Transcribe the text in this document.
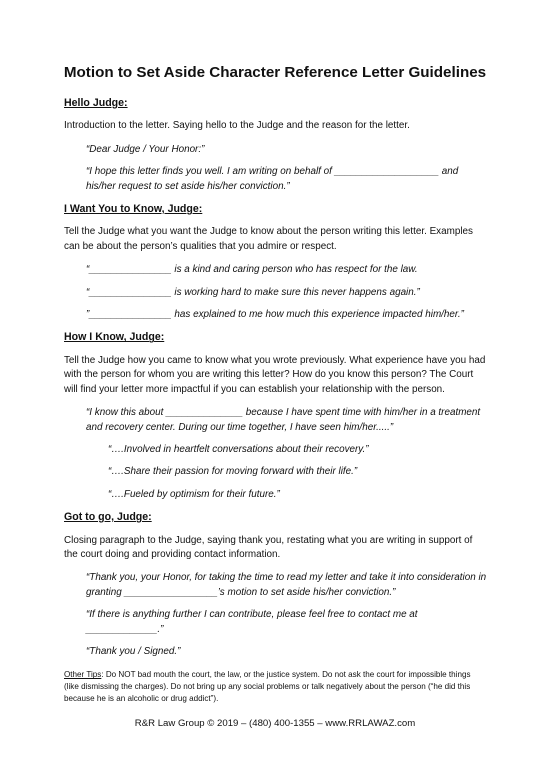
Motion to Set Aside Character Reference Letter Guidelines
Hello Judge:
Introduction to the letter. Saying hello to the Judge and the reason for the letter.
“Dear Judge / Your Honor:”
“I hope this letter finds you well. I am writing on behalf of ___________________ and his/her request to set aside his/her conviction.”
I Want You to Know, Judge:
Tell the Judge what you want the Judge to know about the person writing this letter. Examples can be about the person’s qualities that you admire or respect.
“_______________ is a kind and caring person who has respect for the law.
“_______________ is working hard to make sure this never happens again.”
”_______________ has explained to me how much this experience impacted him/her.”
How I Know, Judge:
Tell the Judge how you came to know what you wrote previously. What experience have you had with the person for whom you are writing this letter? How do you know this person? The Court will find your letter more impactful if you can establish your relationship with the person.
“I know this about ______________ because I have spent time with him/her in a treatment and recovery center. During our time together, I have seen him/her.....”
“….Involved in heartfelt conversations about their recovery.”
“….Share their passion for moving forward with their life.”
“….Fueled by optimism for their future.”
Got to go, Judge:
Closing paragraph to the Judge, saying thank you, restating what you are writing in support of the court doing and providing contact information.
“Thank you, your Honor, for taking the time to read my letter and take it into consideration in granting _________________’s motion to set aside his/her conviction.”
“If there is anything further I can contribute, please feel free to contact me at _____________.”
“Thank you / Signed.”
Other Tips: Do NOT bad mouth the court, the law, or the justice system. Do not ask the court for impossible things (like dismissing the charges). Do not bring up any social problems or talk negatively about the person (“he did this because he is an alcoholic or drug addict”).
R&R Law Group © 2019 – (480) 400-1355 – www.RRLAWAZ.com
